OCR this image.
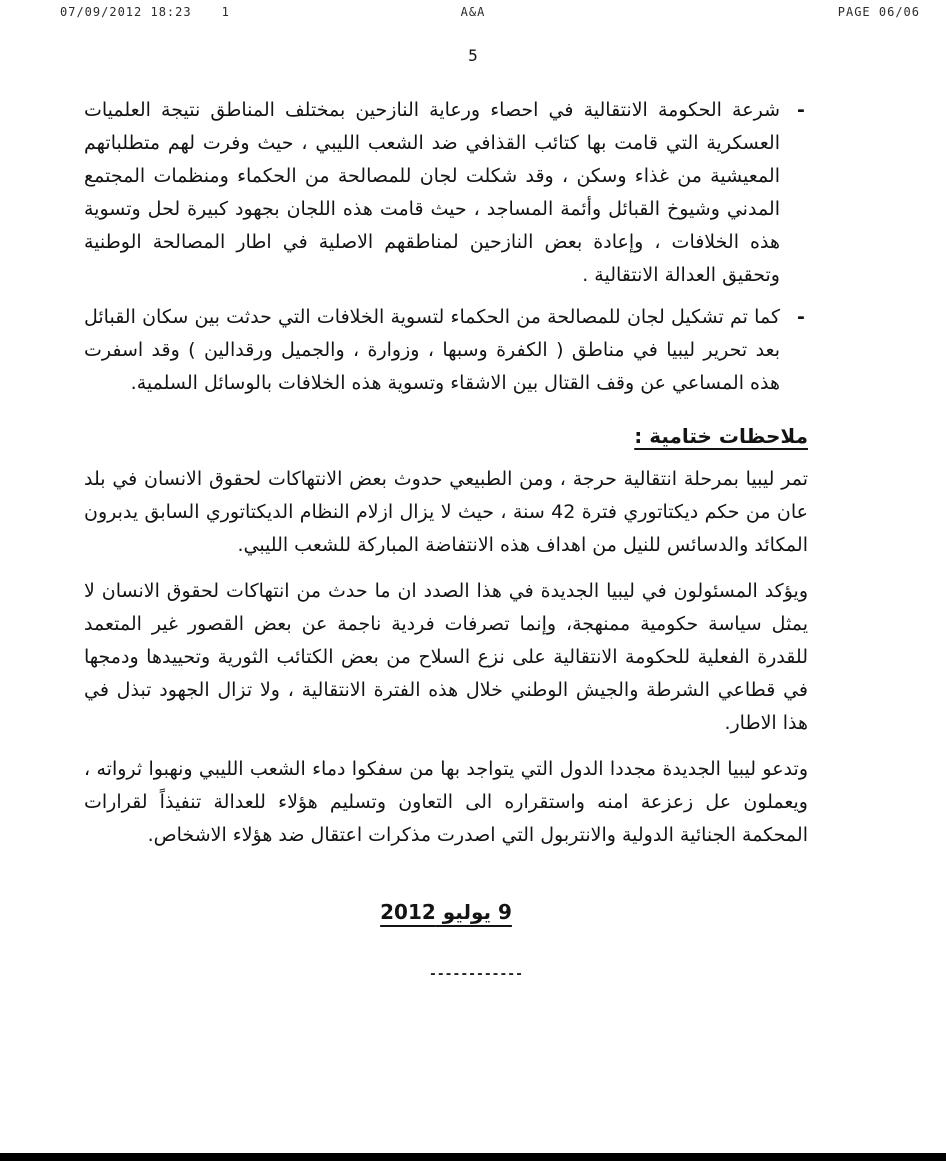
07/09/2012 18:23	1	A&A	PAGE 06/06
5
-

شرعة الحكومة الانتقالية في احصاء ورعاية النازحين بمختلف المناطق نتيجة العلميات العسكرية التي قامت بها كتائب القذافي ضد الشعب الليبي ، حيث وفرت لهم متطلباتهم المعيشية من غذاء وسكن ، وقد شكلت لجان للمصالحة من الحكماء ومنظمات المجتمع المدني وشيوخ القبائل وأئمة المساجد ، حيث قامت هذه اللجان بجهود كبيرة لحل وتسوية هذه الخلافات ، وإعادة بعض النازحين لمناطقهم الاصلية في اطار المصالحة الوطنية وتحقيق العدالة الانتقالية .

-

كما تم تشكيل لجان للمصالحة من الحكماء لتسوية الخلافات التي حدثت بين سكان القبائل بعد تحرير ليبيا في مناطق ( الكفرة وسبها ، وزوارة ، والجميل ورقدالين ) وقد اسفرت هذه المساعي عن وقف القتال بين الاشقاء وتسوية هذه الخلافات بالوسائل السلمية.

ملاحظات ختامية :

تمر ليبيا بمرحلة انتقالية حرجة ، ومن الطبيعي حدوث بعض الانتهاكات لحقوق الانسان في بلد عان من حكم ديكتاتوري فترة 42 سنة ، حيث لا يزال ازلام النظام الديكتاتوري السابق يدبرون المكائد والدسائس للنيل من اهداف هذه الانتفاضة المباركة للشعب الليبي.

ويؤكد المسئولون في ليبيا الجديدة في هذا الصدد ان ما حدث من انتهاكات لحقوق الانسان لا يمثل سياسة حكومية ممنهجة، وإنما تصرفات فردية ناجمة عن بعض القصور غير المتعمد للقدرة الفعلية للحكومة الانتقالية على نزع السلاح من بعض الكتائب الثورية وتحييدها ودمجها في قطاعي الشرطة والجيش الوطني خلال هذه الفترة الانتقالية ، ولا تزال الجهود تبذل في هذا الاطار.

وتدعو ليبيا الجديدة مجددا الدول التي يتواجد بها من سفكوا دماء الشعب الليبي ونهبوا ثرواته ، ويعملون عل زعزعة امنه واستقراره الى التعاون وتسليم هؤلاء للعدالة تنفيذاً لقرارات المحكمة الجنائية الدولية والانتربول التي اصدرت مذكرات اعتقال ضد هؤلاء الاشخاص.

9 يوليو 2012
------------
